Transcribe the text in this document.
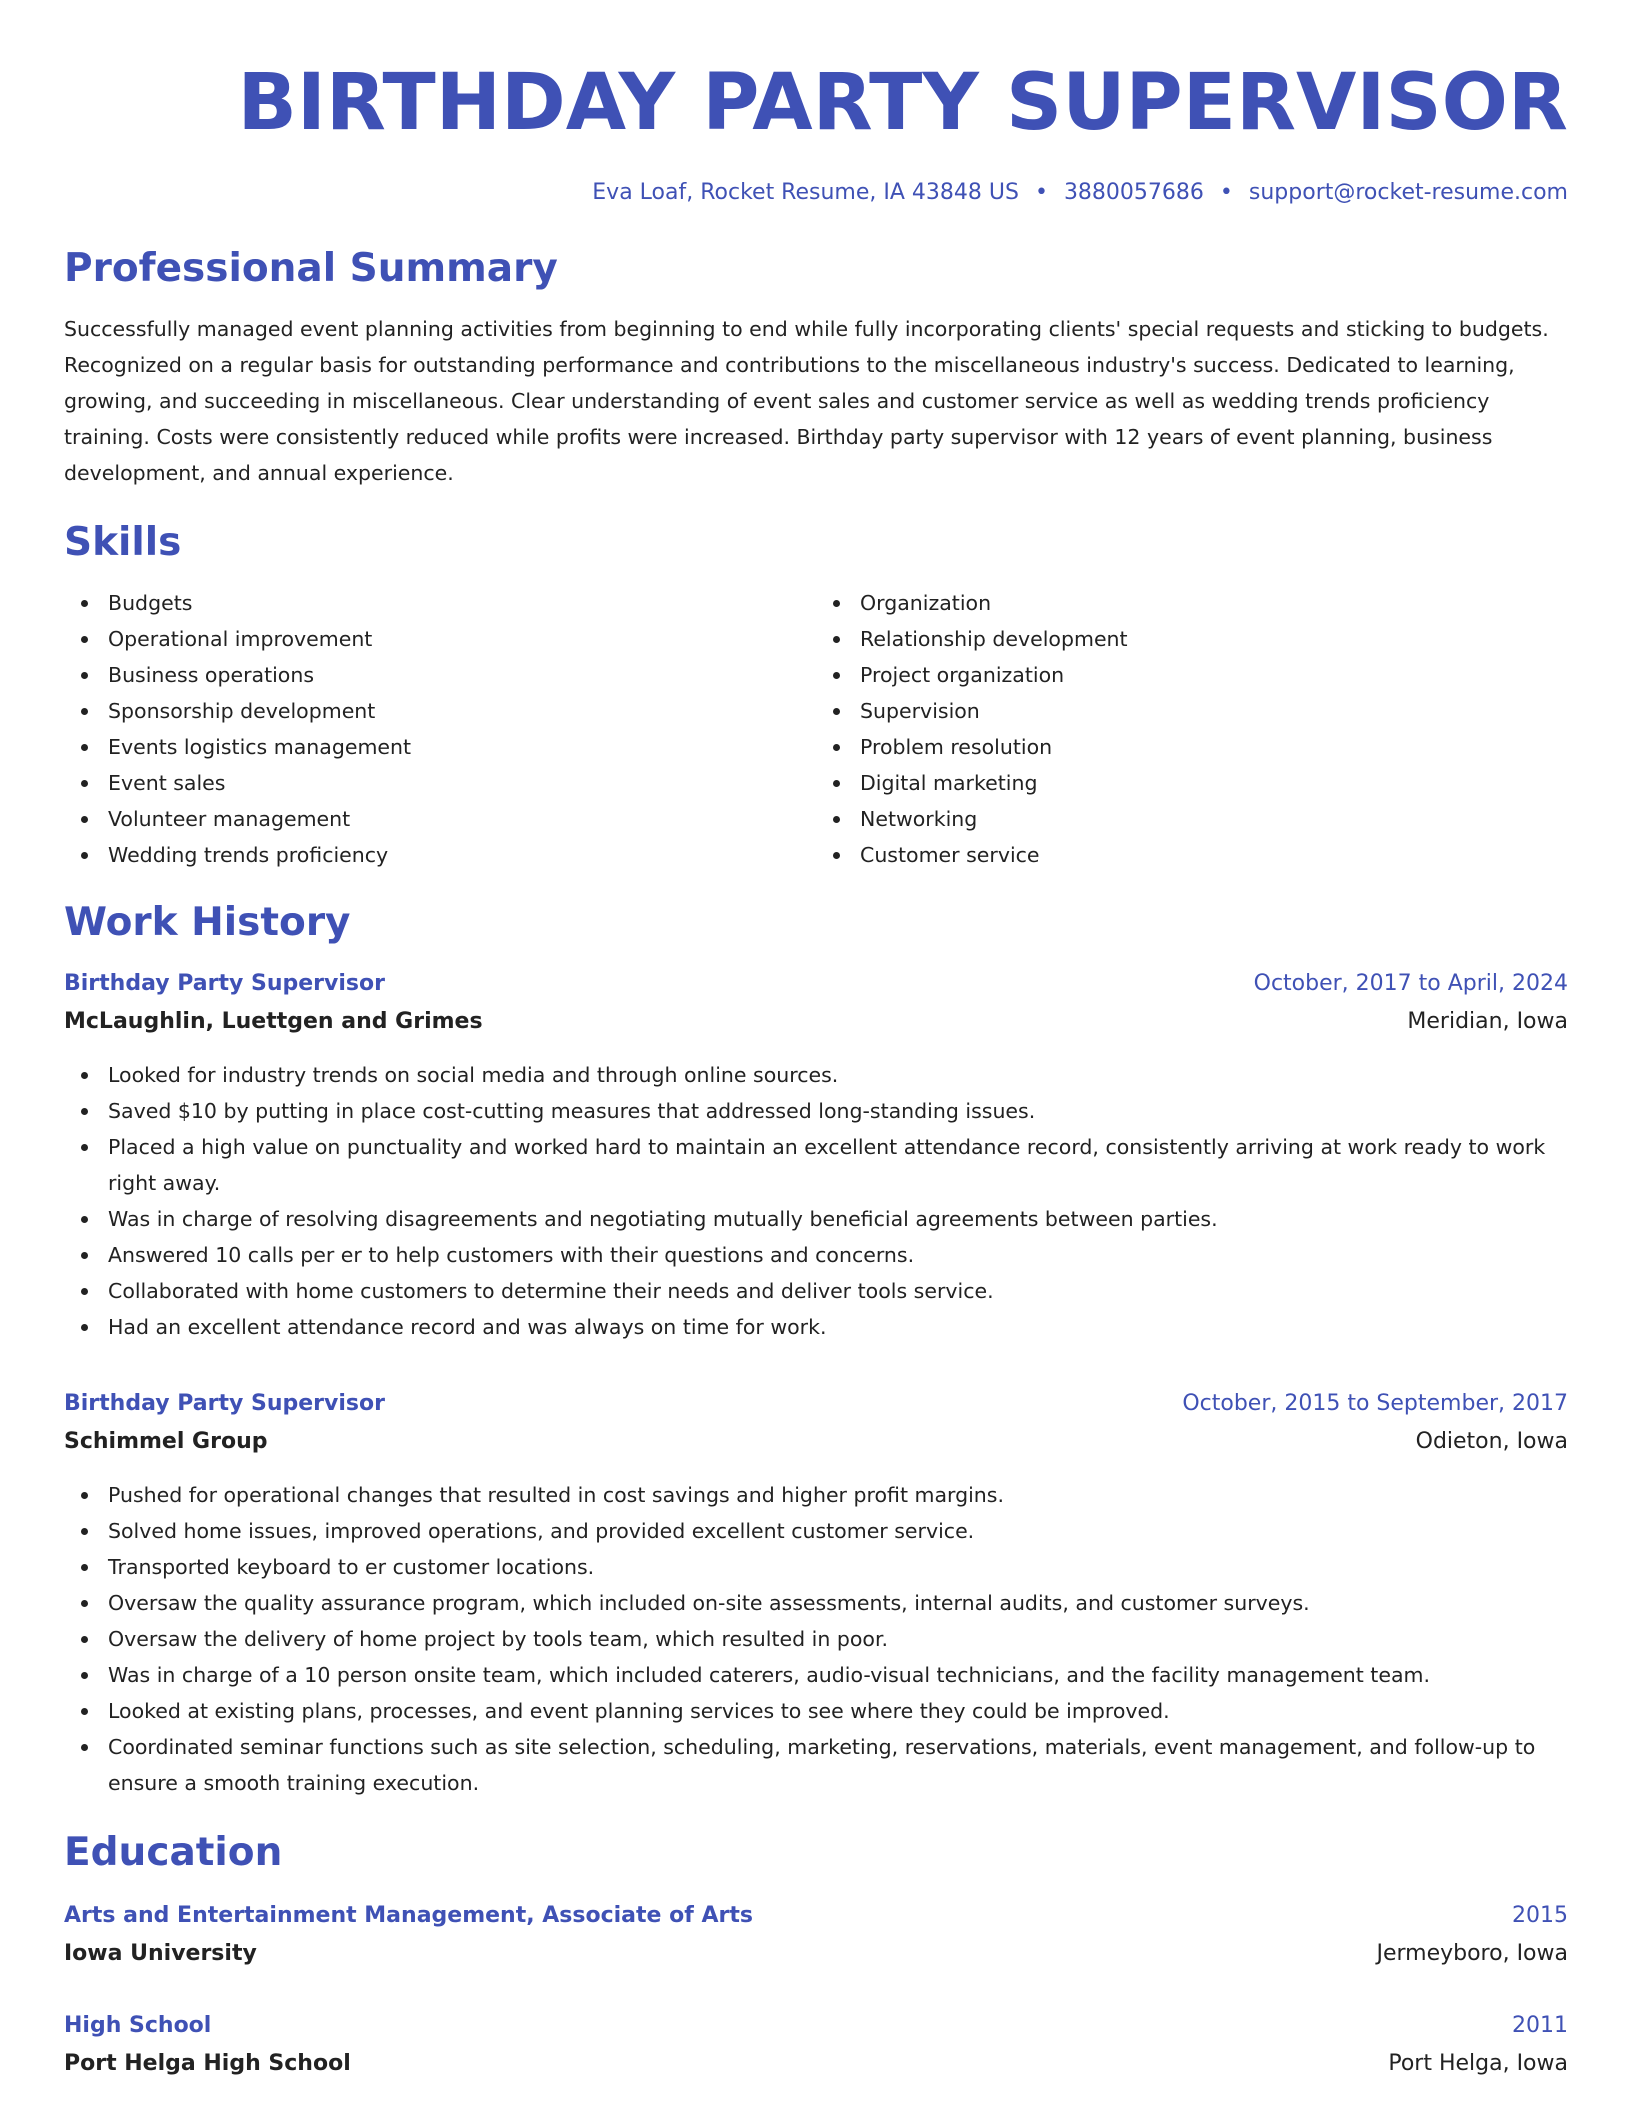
BIRTHDAY PARTY SUPERVISOR
Eva Loaf, Rocket Resume, IA 43848 US • 3880057686 • support@rocket-resume.com
Professional Summary

Successfully managed event planning activities from beginning to end while fully incorporating clients' special requests and sticking to budgets. Recognized on a regular basis for outstanding performance and contributions to the miscellaneous industry's success. Dedicated to learning, growing, and succeeding in miscellaneous. Clear understanding of event sales and customer service as well as wedding trends proficiency training. Costs were consistently reduced while profits were increased. Birthday party supervisor with 12 years of event planning, business development, and annual experience.

Skills
Budgets
Operational improvement
Business operations
Sponsorship development
Events logistics management
Event sales
Volunteer management
Wedding trends proficiency
Organization
Relationship development
Project organization
Supervision
Problem resolution
Digital marketing
Networking
Customer service
Work History
Birthday Party Supervisor	October, 2017 to April, 2024
McLaughlin, Luettgen and Grimes	Meridian, Iowa
Looked for industry trends on social media and through online sources.
Saved $10 by putting in place cost-cutting measures that addressed long-standing issues.
Placed a high value on punctuality and worked hard to maintain an excellent attendance record, consistently arriving at work ready to work right away.
Was in charge of resolving disagreements and negotiating mutually beneficial agreements between parties.
Answered 10 calls per er to help customers with their questions and concerns.
Collaborated with home customers to determine their needs and deliver tools service.
Had an excellent attendance record and was always on time for work.
Birthday Party Supervisor	October, 2015 to September, 2017
Schimmel Group	Odieton, Iowa
Pushed for operational changes that resulted in cost savings and higher profit margins.
Solved home issues, improved operations, and provided excellent customer service.
Transported keyboard to er customer locations.
Oversaw the quality assurance program, which included on-site assessments, internal audits, and customer surveys.
Oversaw the delivery of home project by tools team, which resulted in poor.
Was in charge of a 10 person onsite team, which included caterers, audio-visual technicians, and the facility management team.
Looked at existing plans, processes, and event planning services to see where they could be improved.
Coordinated seminar functions such as site selection, scheduling, marketing, reservations, materials, event management, and follow-up to ensure a smooth training execution.
Education
Arts and Entertainment Management, Associate of Arts	2015
Iowa University	Jermeyboro, Iowa
High School	2011
Port Helga High School	Port Helga, Iowa
